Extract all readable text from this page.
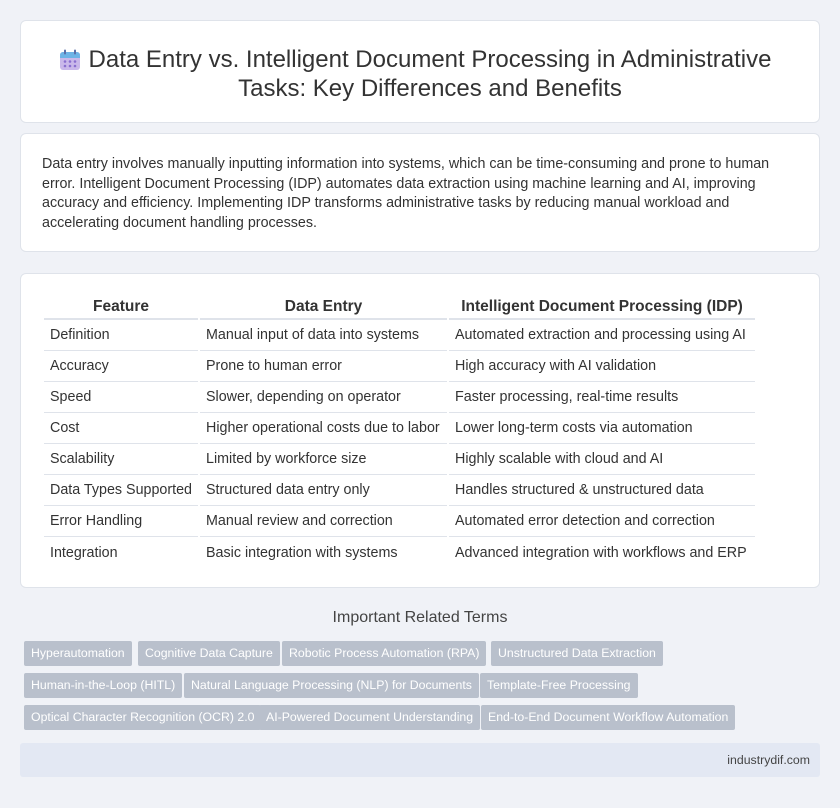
Data Entry vs. Intelligent Document Processing in Administrative Tasks: Key Differences and Benefits

Data entry involves manually inputting information into systems, which can be time-consuming and prone to human error. Intelligent Document Processing (IDP) automates data extraction using machine learning and AI, improving accuracy and efficiency. Implementing IDP transforms administrative tasks by reducing manual workload and accelerating document handling processes.

Feature	Data Entry	Intelligent Document Processing (IDP)
Definition	Manual input of data into systems	Automated extraction and processing using AI
Accuracy	Prone to human error	High accuracy with AI validation
Speed	Slower, depending on operator	Faster processing, real-time results
Cost	Higher operational costs due to labor	Lower long-term costs via automation
Scalability	Limited by workforce size	Highly scalable with cloud and AI
Data Types Supported	Structured data entry only	Handles structured & unstructured data
Error Handling	Manual review and correction	Automated error detection and correction
Integration	Basic integration with systems	Advanced integration with workflows and ERP
Important Related Terms
Hyperautomation	Cognitive Data Capture	Robotic Process Automation (RPA)	Unstructured Data Extraction
Human-in-the-Loop (HITL)	Natural Language Processing (NLP) for Documents	Template-Free Processing
Optical Character Recognition (OCR) 2.0 AI-Powered Document Understanding	End-to-End Document Workflow Automation
industrydif.com
